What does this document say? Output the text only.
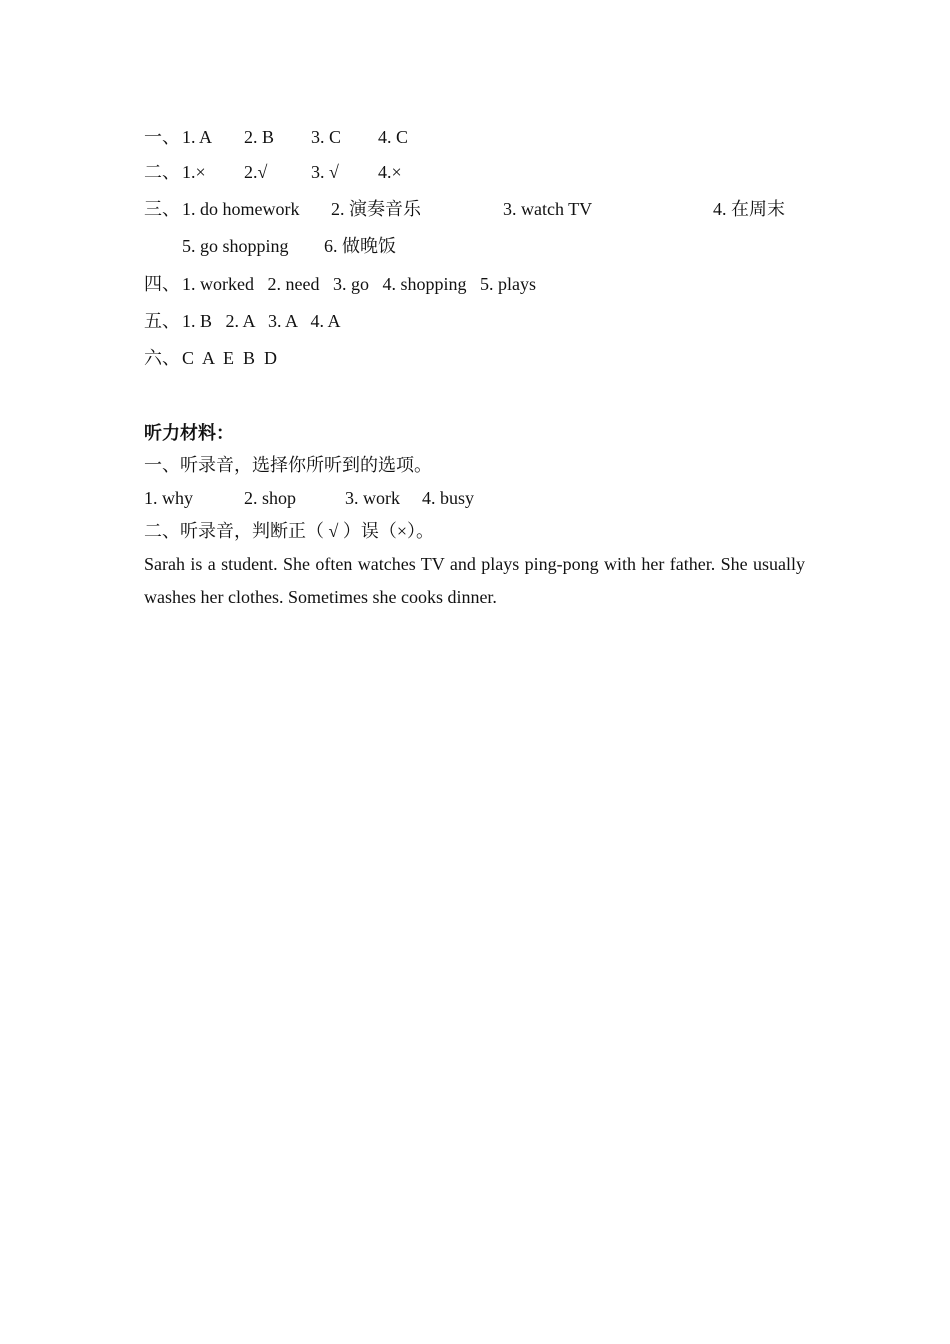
一、 1. A 2. B 3. C 4. C
二、 1.× 2.√ 3. √ 4.×
三、 1. do homework 2. 演奏音乐	3. watch TV	4. 在周末
5. go shopping 6. 做晚饭
四、 1. worked   2. need   3. go   4. shopping   5. plays
五、 1. B   2. A   3. A   4. A
六、 C  A  E  B  D
听力材料：
一、听录音，选择你所听到的选项。
1. why	2. shop	3. work 4. busy
二、听录音，判断正（ √ ）误（×）。
Sarah is a student. She often watches TV and plays ping-pong with her father. She usually washes her clothes. Sometimes she cooks dinner.
